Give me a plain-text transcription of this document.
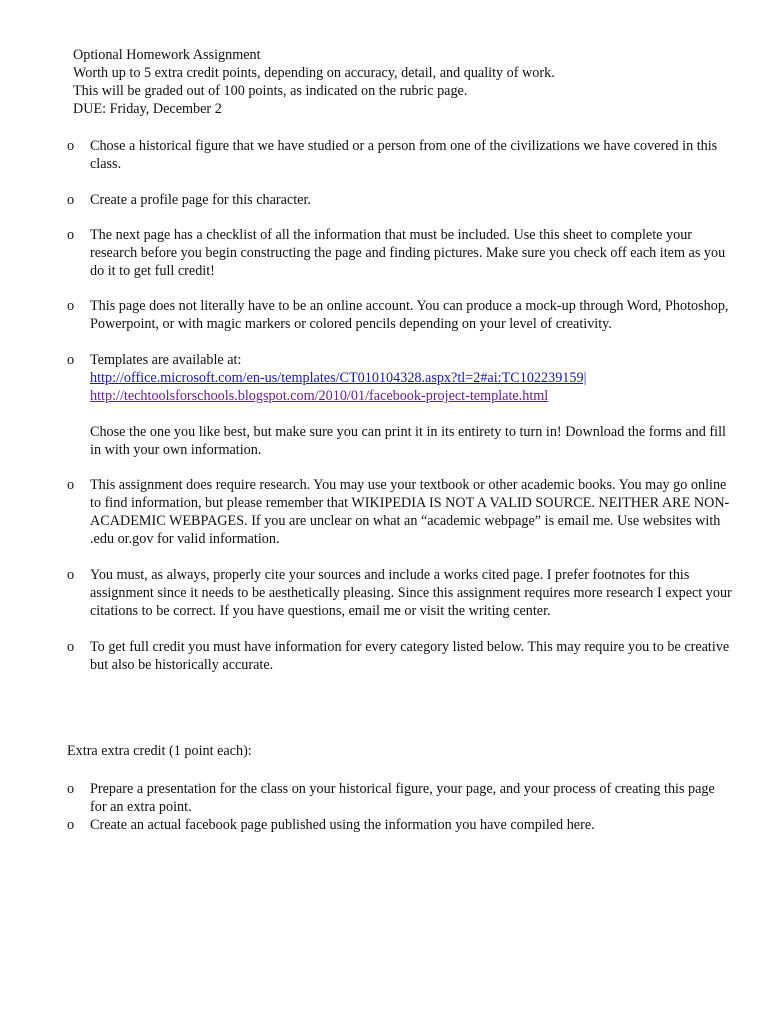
Optional Homework Assignment
Worth up to 5 extra credit points, depending on accuracy, detail, and quality of work.
This will be graded out of 100 points, as indicated on the rubric page.
DUE: Friday, December 2
o	Chose a historical figure that we have studied or a person from one of the civilizations we have covered in this class.

o	Create a profile page for this character.

o	The next page has a checklist of all the information that must be included. Use this sheet to complete your research before you begin constructing the page and finding pictures. Make sure you check off each item as you do it to get full credit!

o	This page does not literally have to be an online account. You can produce a mock-up through Word, Photoshop, Powerpoint, or with magic markers or colored pencils depending on your level of creativity.

o	Templates are available at:

http://office.microsoft.com/en-us/templates/CT010104328.aspx?tl=2#ai:TC102239159|
http://techtoolsforschools.blogspot.com/2010/01/facebook-project-template.html

Chose the one you like best, but make sure you can print it in its entirety to turn in! Download the forms and fill in with your own information.

o	This assignment does require research. You may use your textbook or other academic books. You may go online to find information, but please remember that WIKIPEDIA IS NOT A VALID SOURCE. NEITHER ARE NON-ACADEMIC WEBPAGES. If you are unclear on what an “academic webpage” is email me. Use websites with .edu or.gov for valid information.

o	You must, as always, properly cite your sources and include a works cited page. I prefer footnotes for this assignment since it needs to be aesthetically pleasing. Since this assignment requires more research I expect your citations to be correct. If you have questions, email me or visit the writing center.

o	To get full credit you must have information for every category listed below. This may require you to be creative but also be historically accurate.

Extra extra credit (1 point each):
o	Prepare a presentation for the class on your historical figure, your page, and your process of creating this page for an extra point.

o	Create an actual facebook page published using the information you have compiled here.
